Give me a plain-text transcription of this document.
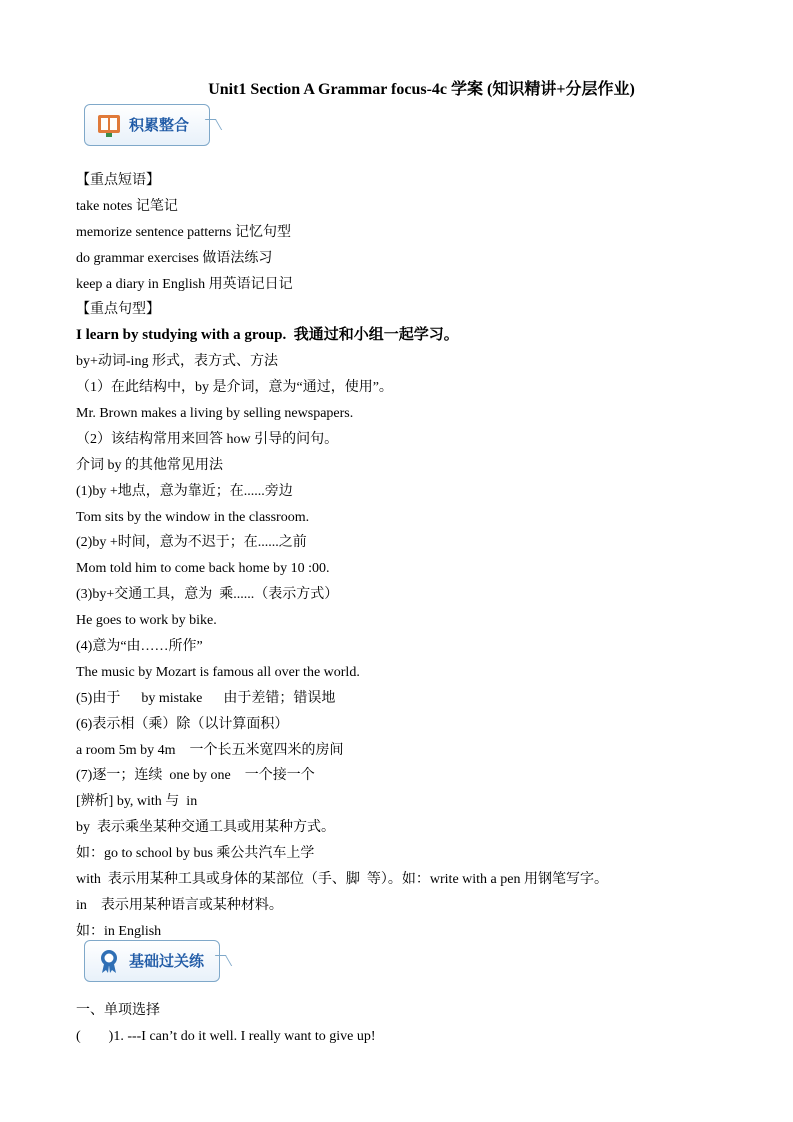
Unit1 Section A Grammar focus-4c 学案 (知识精讲+分层作业)
积累整合
【重点短语】
take notes 记笔记
memorize sentence patterns 记忆句型
do grammar exercises 做语法练习
keep a diary in English 用英语记日记
【重点句型】
I learn by studying with a group.  我通过和小组一起学习。
by+动词-ing 形式，表方式、方法
（1）在此结构中，by 是介词，意为“通过，使用”。
Mr. Brown makes a living by selling newspapers.
（2）该结构常用来回答 how 引导的问句。
介词 by 的其他常见用法
(1)by +地点，意为靠近；在......旁边
Tom sits by the window in the classroom.
(2)by +时间，意为不迟于；在......之前
Mom told him to come back home by 10 :00.
(3)by+交通工具，意为  乘......（表示方式）
He goes to work by bike.
(4)意为“由……所作”
The music by Mozart is famous all over the world.
(5)由于      by mistake      由于差错；错误地
(6)表示相（乘）除（以计算面积）
a room 5m by 4m    一个长五米宽四米的房间
(7)逐一；连续  one by one    一个接一个
[辨析] by, with 与  in
by  表示乘坐某种交通工具或用某种方式。
如：go to school by bus 乘公共汽车上学
with  表示用某种工具或身体的某部位（手、脚  等）。如：write with a pen 用钢笔写字。
in    表示用某种语言或某种材料。
如：in English
基础过关练
一、单项选择
(        )1. ---I can’t do it well. I really want to give up!
